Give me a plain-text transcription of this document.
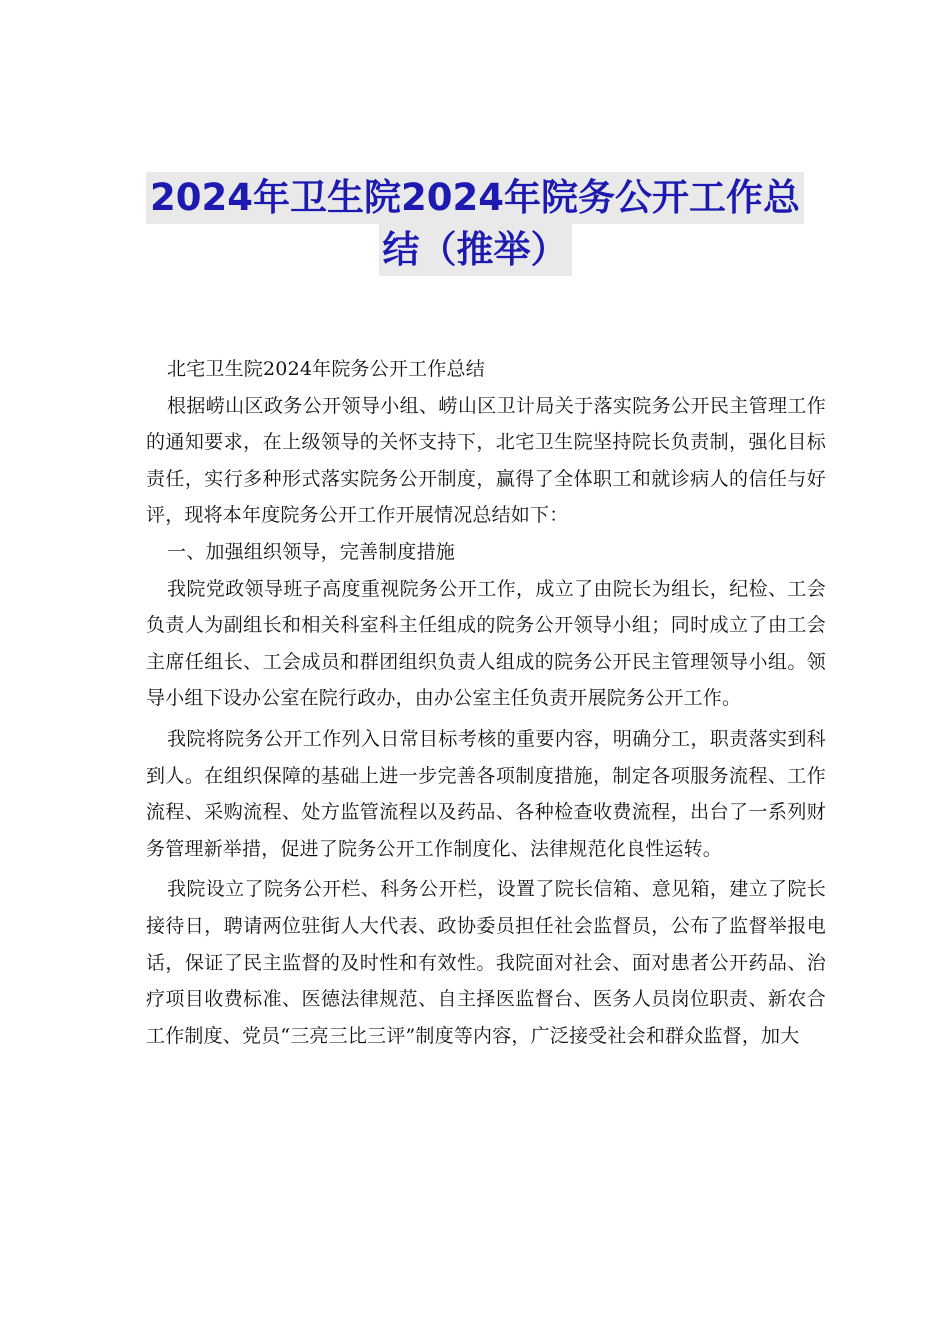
2024年卫生院2024年院务公开工作总
结（推举）

北宅卫生院2024年院务公开工作总结

根据崂山区政务公开领导小组、崂山区卫计局关于落实院务公开民主管理工作的通知要求，在上级领导的关怀支持下，北宅卫生院坚持院长负责制，强化目标责任，实行多种形式落实院务公开制度，赢得了全体职工和就诊病人的信任与好评，现将本年度院务公开工作开展情况总结如下：

一、加强组织领导，完善制度措施

我院党政领导班子高度重视院务公开工作，成立了由院长为组长，纪检、工会负责人为副组长和相关科室科主任组成的院务公开领导小组；同时成立了由工会主席任组长、工会成员和群团组织负责人组成的院务公开民主管理领导小组。领导小组下设办公室在院行政办，由办公室主任负责开展院务公开工作。

我院将院务公开工作列入日常目标考核的重要内容，明确分工，职责落实到科到人。在组织保障的基础上进一步完善各项制度措施，制定各项服务流程、工作流程、采购流程、处方监管流程以及药品、各种检查收费流程，出台了一系列财务管理新举措，促进了院务公开工作制度化、法律规范化良性运转。

我院设立了院务公开栏、科务公开栏，设置了院长信箱、意见箱，建立了院长接待日，聘请两位驻街人大代表、政协委员担任社会监督员，公布了监督举报电话，保证了民主监督的及时性和有效性。我院面对社会、面对患者公开药品、治疗项目收费标准、医德法律规范、自主择医监督台、医务人员岗位职责、新农合工作制度、党员“三亮三比三评”制度等内容，广泛接受社会和群众监督，加大
